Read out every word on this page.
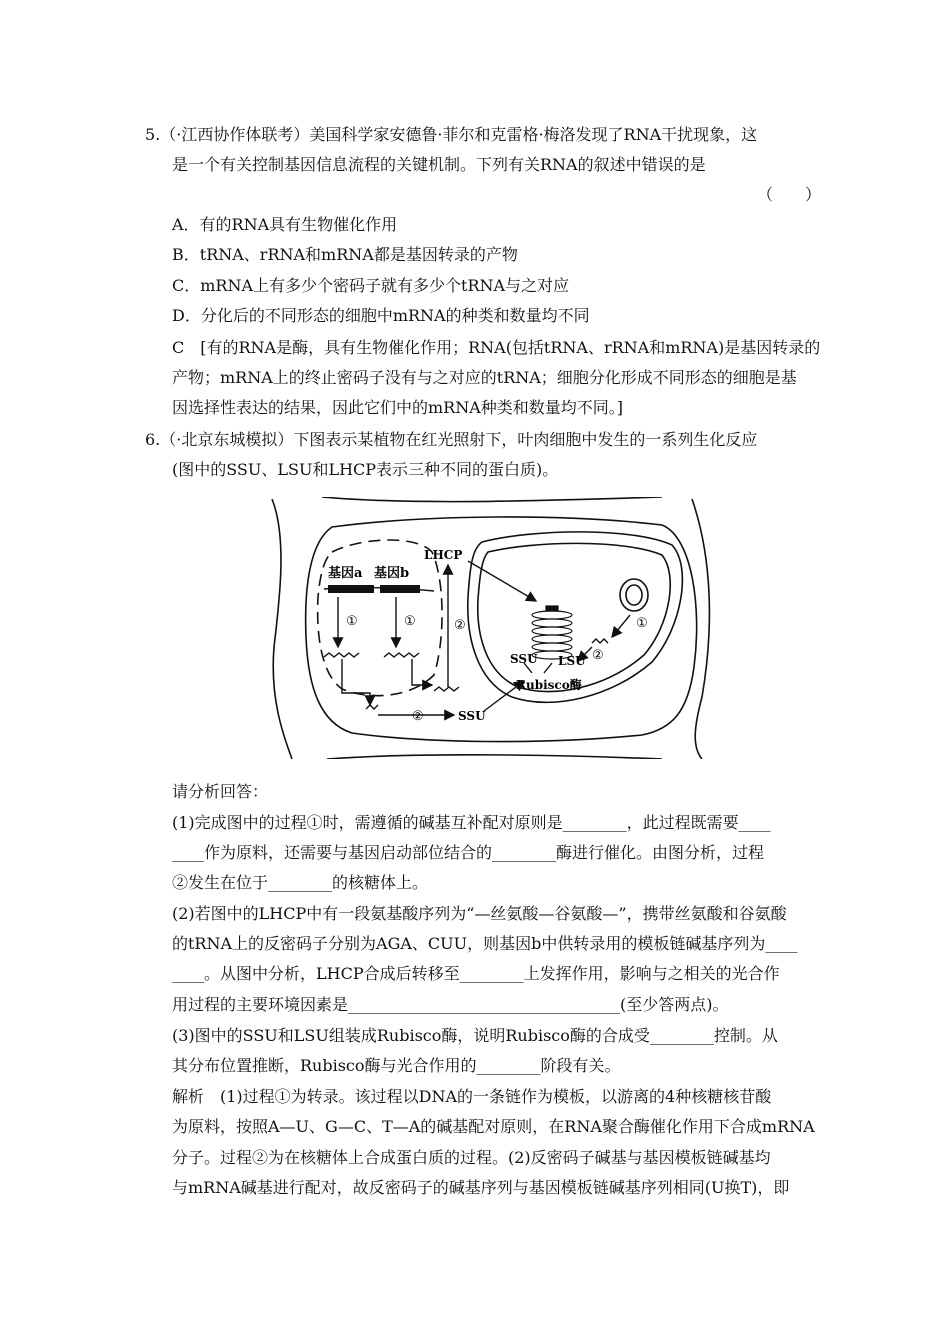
5.（·江西协作体联考）美国科学家安德鲁·菲尔和克雷格·梅洛发现了RNA干扰现象，这
是一个有关控制基因信息流程的关键机制。下列有关RNA的叙述中错误的是
（　　）
A．有的RNA具有生物催化作用
B．tRNA、rRNA和mRNA都是基因转录的产物
C．mRNA上有多少个密码子就有多少个tRNA与之对应
D．分化后的不同形态的细胞中mRNA的种类和数量均不同
C　[有的RNA是酶，具有生物催化作用；RNA(包括tRNA、rRNA和mRNA)是基因转录的
产物；mRNA上的终止密码子没有与之对应的tRNA；细胞分化形成不同形态的细胞是基
因选择性表达的结果，因此它们中的mRNA种类和数量均不同。]
6.（·北京东城模拟）下图表示某植物在红光照射下，叶肉细胞中发生的一系列生化反应
(图中的SSU、LSU和LHCP表示三种不同的蛋白质)。
基因a 基因b
①	①	②
②	SSU
LHCP
①
②
SSU LSU
Rubisco酶
请分析回答：
(1)完成图中的过程①时，需遵循的碱基互补配对原则是________，此过程既需要____
____作为原料，还需要与基因启动部位结合的________酶进行催化。由图分析，过程
②发生在位于________的核糖体上。
(2)若图中的LHCP中有一段氨基酸序列为“—丝氨酸—谷氨酸—”，携带丝氨酸和谷氨酸
的tRNA上的反密码子分别为AGA、CUU，则基因b中供转录用的模板链碱基序列为____
____。从图中分析，LHCP合成后转移至________上发挥作用，影响与之相关的光合作
用过程的主要环境因素是__________________________________(至少答两点)。
(3)图中的SSU和LSU组装成Rubisco酶，说明Rubisco酶的合成受________控制。从
其分布位置推断，Rubisco酶与光合作用的________阶段有关。
解析　(1)过程①为转录。该过程以DNA的一条链作为模板，以游离的4种核糖核苷酸
为原料，按照A—U、G—C、T—A的碱基配对原则，在RNA聚合酶催化作用下合成mRNA
分子。过程②为在核糖体上合成蛋白质的过程。(2)反密码子碱基与基因模板链碱基均
与mRNA碱基进行配对，故反密码子的碱基序列与基因模板链碱基序列相同(U换T)，即
